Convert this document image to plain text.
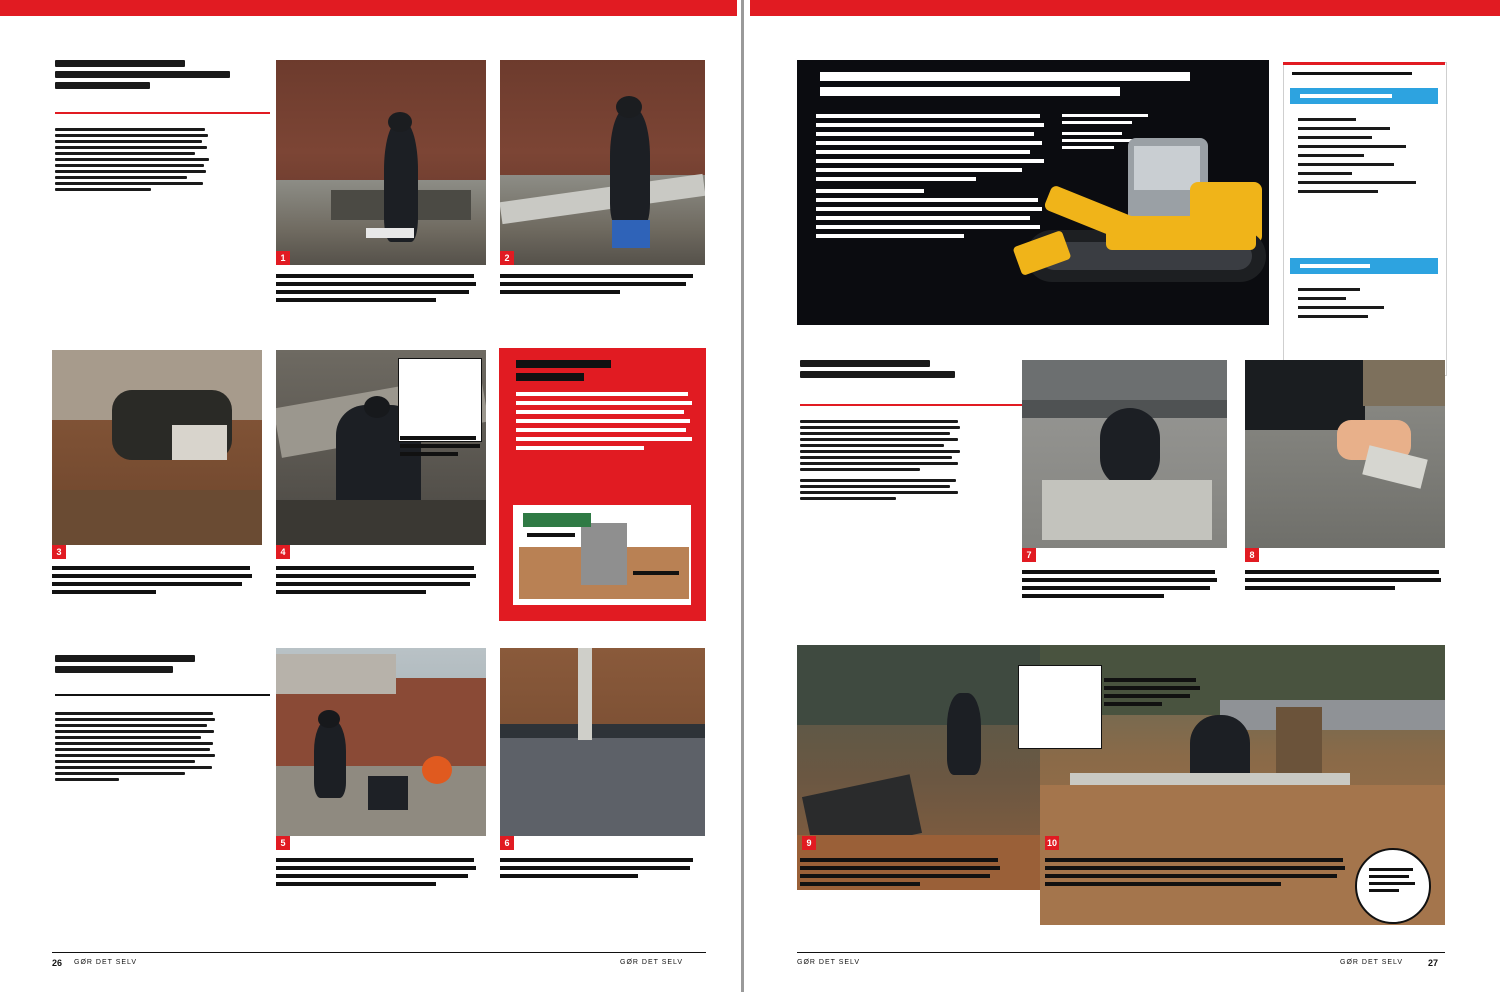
1	2
3	4
5	6
26 GØR DET SELV	GØR DET SELV
7	8
9	10
GØR DET SELV	27
GØR DET SELV
